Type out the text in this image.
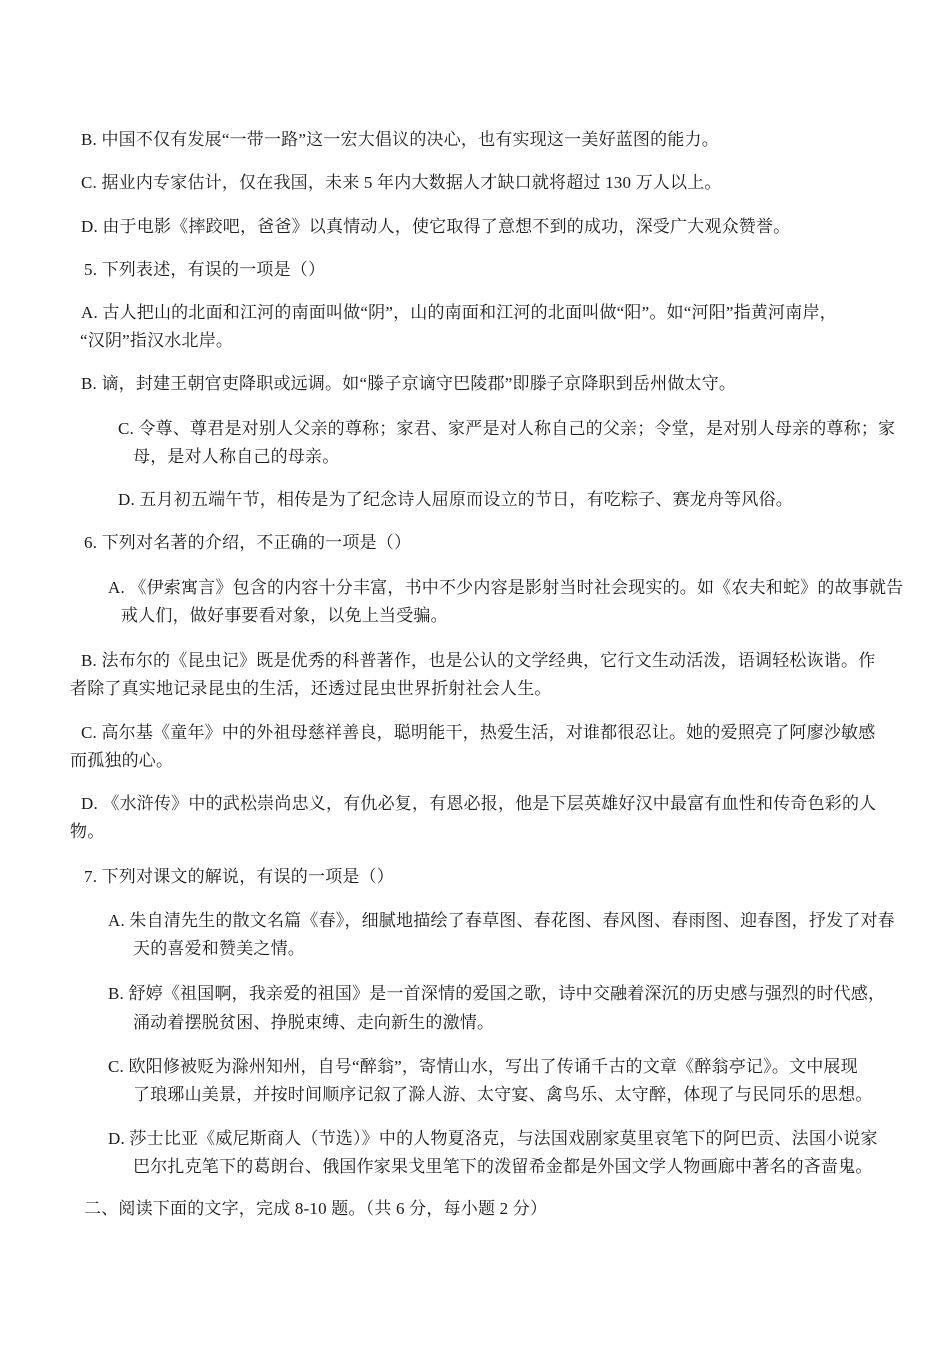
B. 中国不仅有发展“一带一路”这一宏大倡议的决心，也有实现这一美好蓝图的能力。
C. 据业内专家估计，仅在我国，未来 5 年内大数据人才缺口就将超过 130 万人以上。
D. 由于电影《摔跤吧，爸爸》以真情动人，使它取得了意想不到的成功，深受广大观众赞誉。
5. 下列表述，有误的一项是（）
A. 古人把山的北面和江河的南面叫做“阴”，山的南面和江河的北面叫做“阳”。如“河阳”指黄河南岸，
“汉阴”指汉水北岸。
B. 谪，封建王朝官吏降职或远调。如“滕子京谪守巴陵郡”即滕子京降职到岳州做太守。
C. 令尊、尊君是对别人父亲的尊称；家君、家严是对人称自己的父亲；令堂，是对别人母亲的尊称；家
母，是对人称自己的母亲。
D. 五月初五端午节，相传是为了纪念诗人屈原而设立的节日，有吃粽子、赛龙舟等风俗。
6. 下列对名著的介绍，不正确的一项是（）
A. 《伊索寓言》包含的内容十分丰富，书中不少内容是影射当时社会现实的。如《农夫和蛇》的故事就告
戒人们，做好事要看对象，以免上当受骗。
B. 法布尔的《昆虫记》既是优秀的科普著作，也是公认的文学经典，它行文生动活泼，语调轻松诙谐。作
者除了真实地记录昆虫的生活，还透过昆虫世界折射社会人生。
C. 高尔基《童年》中的外祖母慈祥善良，聪明能干，热爱生活，对谁都很忍让。她的爱照亮了阿廖沙敏感
而孤独的心。
D. 《水浒传》中的武松崇尚忠义，有仇必复，有恩必报，他是下层英雄好汉中最富有血性和传奇色彩的人
物。
7. 下列对课文的解说，有误的一项是（）
A. 朱自清先生的散文名篇《春》，细腻地描绘了春草图、春花图、春风图、春雨图、迎春图，抒发了对春
天的喜爱和赞美之情。
B. 舒婷《祖国啊，我亲爱的祖国》是一首深情的爱国之歌，诗中交融着深沉的历史感与强烈的时代感，
涌动着摆脱贫困、挣脱束缚、走向新生的激情。
C. 欧阳修被贬为滁州知州，自号“醉翁”，寄情山水，写出了传诵千古的文章《醉翁亭记》。文中展现
了琅琊山美景，并按时间顺序记叙了滁人游、太守宴、禽鸟乐、太守醉，体现了与民同乐的思想。
D. 莎士比亚《威尼斯商人（节选）》中的人物夏洛克，与法国戏剧家莫里哀笔下的阿巴贡、法国小说家
巴尔扎克笔下的葛朗台、俄国作家果戈里笔下的泼留希金都是外国文学人物画廊中著名的吝啬鬼。
二、阅读下面的文字，完成 8-10 题。（共 6 分，每小题 2 分）
